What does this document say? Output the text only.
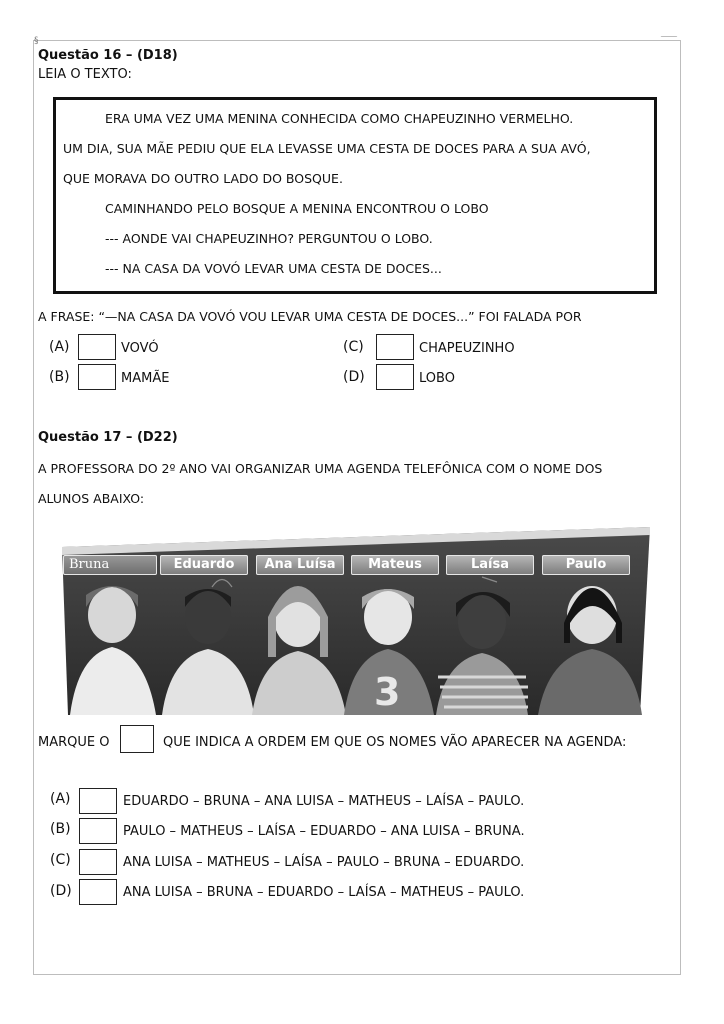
§
Questão 16 – (D18)
LEIA O TEXTO:
ERA UMA VEZ UMA MENINA CONHECIDA COMO CHAPEUZINHO VERMELHO.
UM DIA, SUA MÃE PEDIU QUE ELA LEVASSE UMA CESTA DE DOCES PARA A SUA AVÓ,
QUE MORAVA DO OUTRO LADO DO BOSQUE.
CAMINHANDO PELO BOSQUE A MENINA ENCONTROU O LOBO
--- AONDE VAI CHAPEUZINHO? PERGUNTOU O LOBO.
--- NA CASA DA VOVÓ LEVAR UMA CESTA DE DOCES...
A FRASE: “—NA CASA DA VOVÓ VOU LEVAR UMA CESTA DE DOCES...” FOI FALADA POR
(A)	VOVÓ
(B)	MAMÃE
(C)	CHAPEUZINHO
(D)	LOBO
Questão 17 – (D22)
A PROFESSORA DO 2º ANO VAI ORGANIZAR UMA AGENDA TELEFÔNICA COM O NOME DOS
ALUNOS ABAIXO:
3
Bruna	Eduardo	Ana Luísa	Mateus	Laísa	Paulo
MARQUE O	QUE INDICA A ORDEM EM QUE OS NOMES VÃO APARECER NA AGENDA:
(A)	EDUARDO – BRUNA – ANA LUISA – MATHEUS – LAÍSA – PAULO.
(B)	PAULO – MATHEUS – LAÍSA – EDUARDO – ANA LUISA – BRUNA.
(C)	ANA LUISA – MATHEUS – LAÍSA – PAULO – BRUNA – EDUARDO.
(D)	ANA LUISA – BRUNA – EDUARDO – LAÍSA – MATHEUS – PAULO.
